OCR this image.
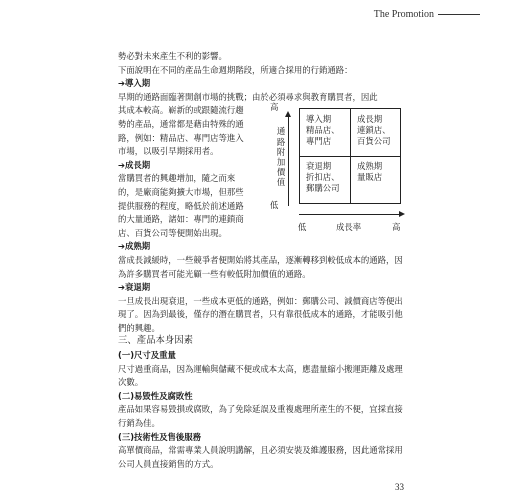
The Promotion

勢必對未來產生不利的影響。

下面說明在不同的產品生命週期階段，所適合採用的行銷通路：

➔導入期

早期的通路面臨著開創市場的挑戰；由於必須尋求與教育購買者，因此

其成本較高。嶄新的或跟隨流行趨

勢的產品，通常都是藉由特殊的通

路，例如：精品店、專門店等進入

市場，以吸引早期採用者。

➔成長期

當購買者的興趣增加，隨之而來

的，是廠商能夠擴大市場，但那些

提供服務的程度，略低於前述通路

的大量通路，諸如：專門的連鎖商

店、百貨公司等便開始出現。

高
通
路
附
加
價
值
低
導入期
精品店、
專門店
成長期
連鎖店、
百貨公司
衰退期
折扣店、
郵購公司
成熟期
量販店
低	成長率	高

➔成熟期

當成長減緩時，一些競爭者便開始將其產品，逐漸轉移到較低成本的通路，因為許多購買者可能光顧一些有較低附加價值的通路。

➔衰退期

一旦成長出現衰退，一些成本更低的通路，例如：郵購公司、減價商店等便出現了。因為到最後，僅存的潛在購買者，只有靠很低成本的通路，才能吸引他們的興趣。

三、產品本身因素

(一)尺寸及重量

尺寸過重商品，因為運輸與儲藏不便或成本太高，應盡量縮小搬運距離及處理次數。

(二)易毀性及腐敗性

產品如果容易毀損或腐敗，為了免除延誤及重複處理所產生的不便，宜採直接行銷為佳。

(三)技術性及售後服務

高單價商品，常需專業人員說明講解，且必須安裝及維護服務，因此通常採用公司人員直接銷售的方式。

33
